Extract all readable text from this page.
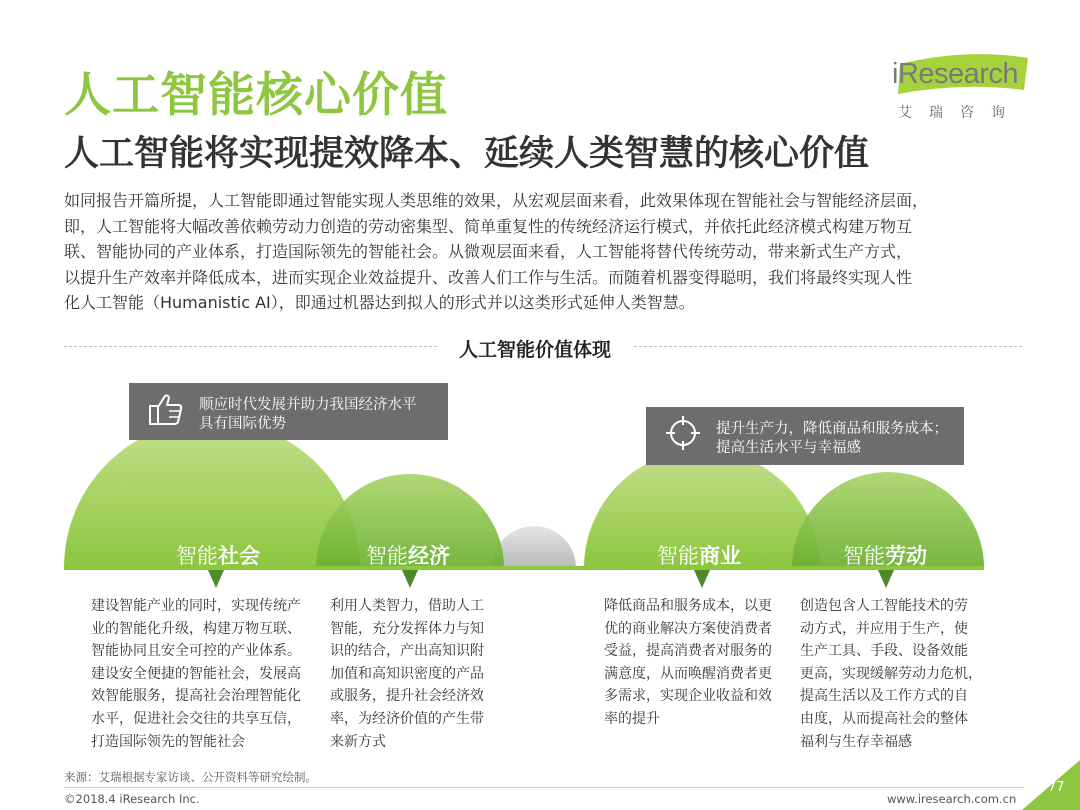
人工智能核心价值
人工智能将实现提效降本、延续人类智慧的核心价值
iResearch
艾瑞咨询

如同报告开篇所提，人工智能即通过智能实现人类思维的效果，从宏观层面来看，此效果体现在智能社会与智能经济层面，

即，人工智能将大幅改善依赖劳动力创造的劳动密集型、简单重复性的传统经济运行模式，并依托此经济模式构建万物互

联、智能协同的产业体系，打造国际领先的智能社会。从微观层面来看，人工智能将替代传统劳动，带来新式生产方式，

以提升生产效率并降低成本，进而实现企业效益提升、改善人们工作与生活。而随着机器变得聪明，我们将最终实现人性

化人工智能（Humanistic AI），即通过机器达到拟人的形式并以这类形式延伸人类智慧。

人工智能价值体现
顺应时代发展并助力我国经济水平
具有国际优势	提升生产力，降低商品和服务成本；
提高生活水平与幸福感
智能社会	智能经济	智能商业	智能劳动

建设智能产业的同时，实现传统产

业的智能化升级，构建万物互联、

智能协同且安全可控的产业体系。

建设安全便捷的智能社会，发展高

效智能服务，提高社会治理智能化

水平，促进社会交往的共享互信，

打造国际领先的智能社会

利用人类智力，借助人工

智能，充分发挥体力与知

识的结合，产出高知识附

加值和高知识密度的产品

或服务，提升社会经济效

率，为经济价值的产生带

来新方式

降低商品和服务成本，以更

优的商业解决方案使消费者

受益，提高消费者对服务的

满意度，从而唤醒消费者更

多需求，实现企业收益和效

率的提升

创造包含人工智能技术的劳

动方式，并应用于生产，使

生产工具、手段、设备效能

更高，实现缓解劳动力危机，

提高生活以及工作方式的自

由度，从而提高社会的整体

福利与生存幸福感

来源：艾瑞根据专家访谈、公开资料等研究绘制。
©2018.4 iResearch Inc.	www.iresearch.com.cn
77
